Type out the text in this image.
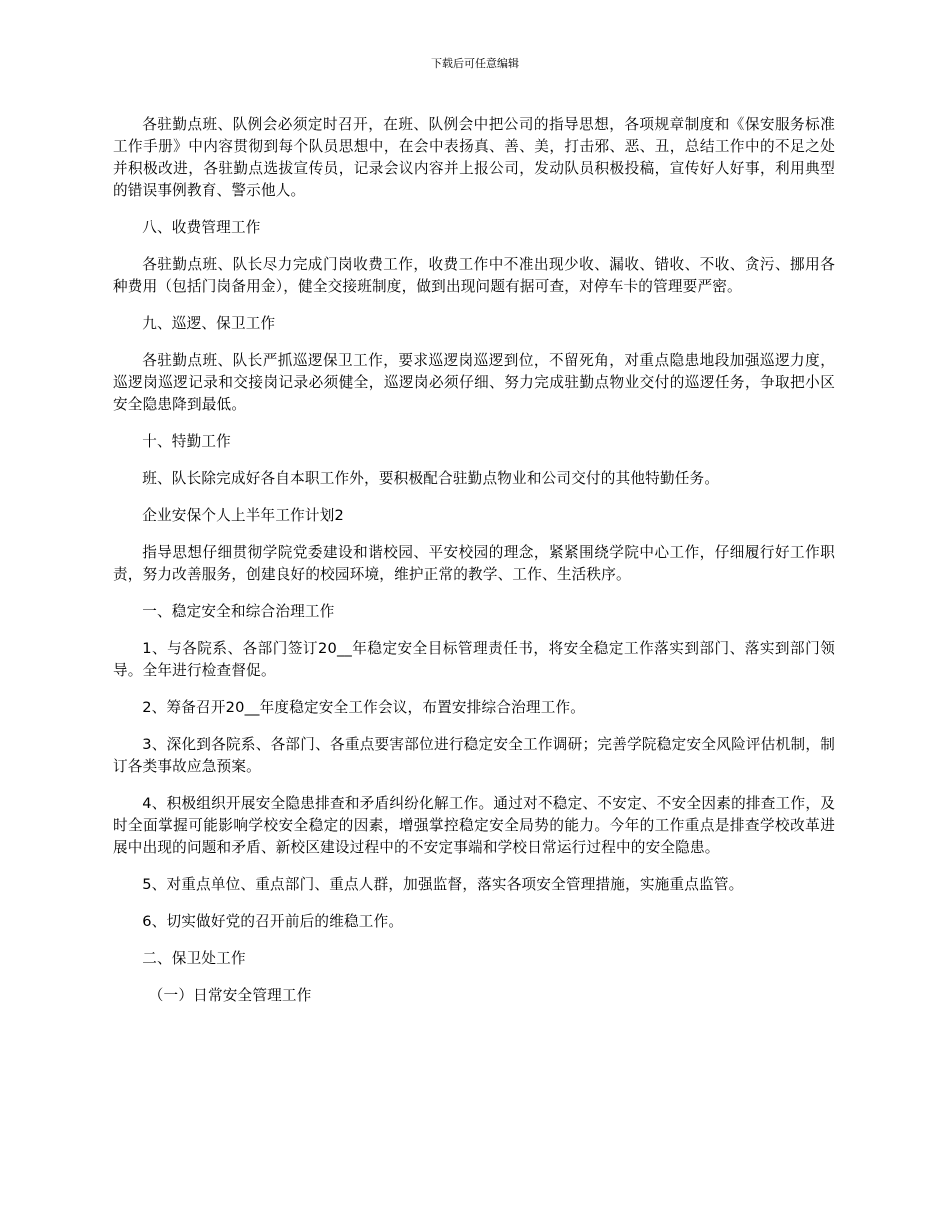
下载后可任意编辑

各驻勤点班、队例会必须定时召开，在班、队例会中把公司的指导思想，各项规章制度和《保安服务标准工作手册》中内容贯彻到每个队员思想中，在会中表扬真、善、美，打击邪、恶、丑，总结工作中的不足之处并积极改进，各驻勤点选拔宣传员，记录会议内容并上报公司，发动队员积极投稿，宣传好人好事，利用典型的错误事例教育、警示他人。

八、收费管理工作

各驻勤点班、队长尽力完成门岗收费工作，收费工作中不准出现少收、漏收、错收、不收、贪污、挪用各种费用（包括门岗备用金），健全交接班制度，做到出现问题有据可查，对停车卡的管理要严密。

九、巡逻、保卫工作

各驻勤点班、队长严抓巡逻保卫工作，要求巡逻岗巡逻到位，不留死角，对重点隐患地段加强巡逻力度，巡逻岗巡逻记录和交接岗记录必须健全，巡逻岗必须仔细、努力完成驻勤点物业交付的巡逻任务，争取把小区安全隐患降到最低。

十、特勤工作

班、队长除完成好各自本职工作外，要积极配合驻勤点物业和公司交付的其他特勤任务。

企业安保个人上半年工作计划2

指导思想仔细贯彻学院党委建设和谐校园、平安校园的理念，紧紧围绕学院中心工作，仔细履行好工作职责，努力改善服务，创建良好的校园环境，维护正常的教学、工作、生活秩序。

一、稳定安全和综合治理工作

1、与各院系、各部门签订20__年稳定安全目标管理责任书，将安全稳定工作落实到部门、落实到部门领导。全年进行检查督促。

2、筹备召开20__年度稳定安全工作会议，布置安排综合治理工作。

3、深化到各院系、各部门、各重点要害部位进行稳定安全工作调研；完善学院稳定安全风险评估机制，制订各类事故应急预案。

4、积极组织开展安全隐患排查和矛盾纠纷化解工作。通过对不稳定、不安定、不安全因素的排查工作，及时全面掌握可能影响学校安全稳定的因素，增强掌控稳定安全局势的能力。今年的工作重点是排查学校改革进展中出现的问题和矛盾、新校区建设过程中的不安定事端和学校日常运行过程中的安全隐患。

5、对重点单位、重点部门、重点人群，加强监督，落实各项安全管理措施，实施重点监管。

6、切实做好党的召开前后的维稳工作。

二、保卫处工作

（一）日常安全管理工作
